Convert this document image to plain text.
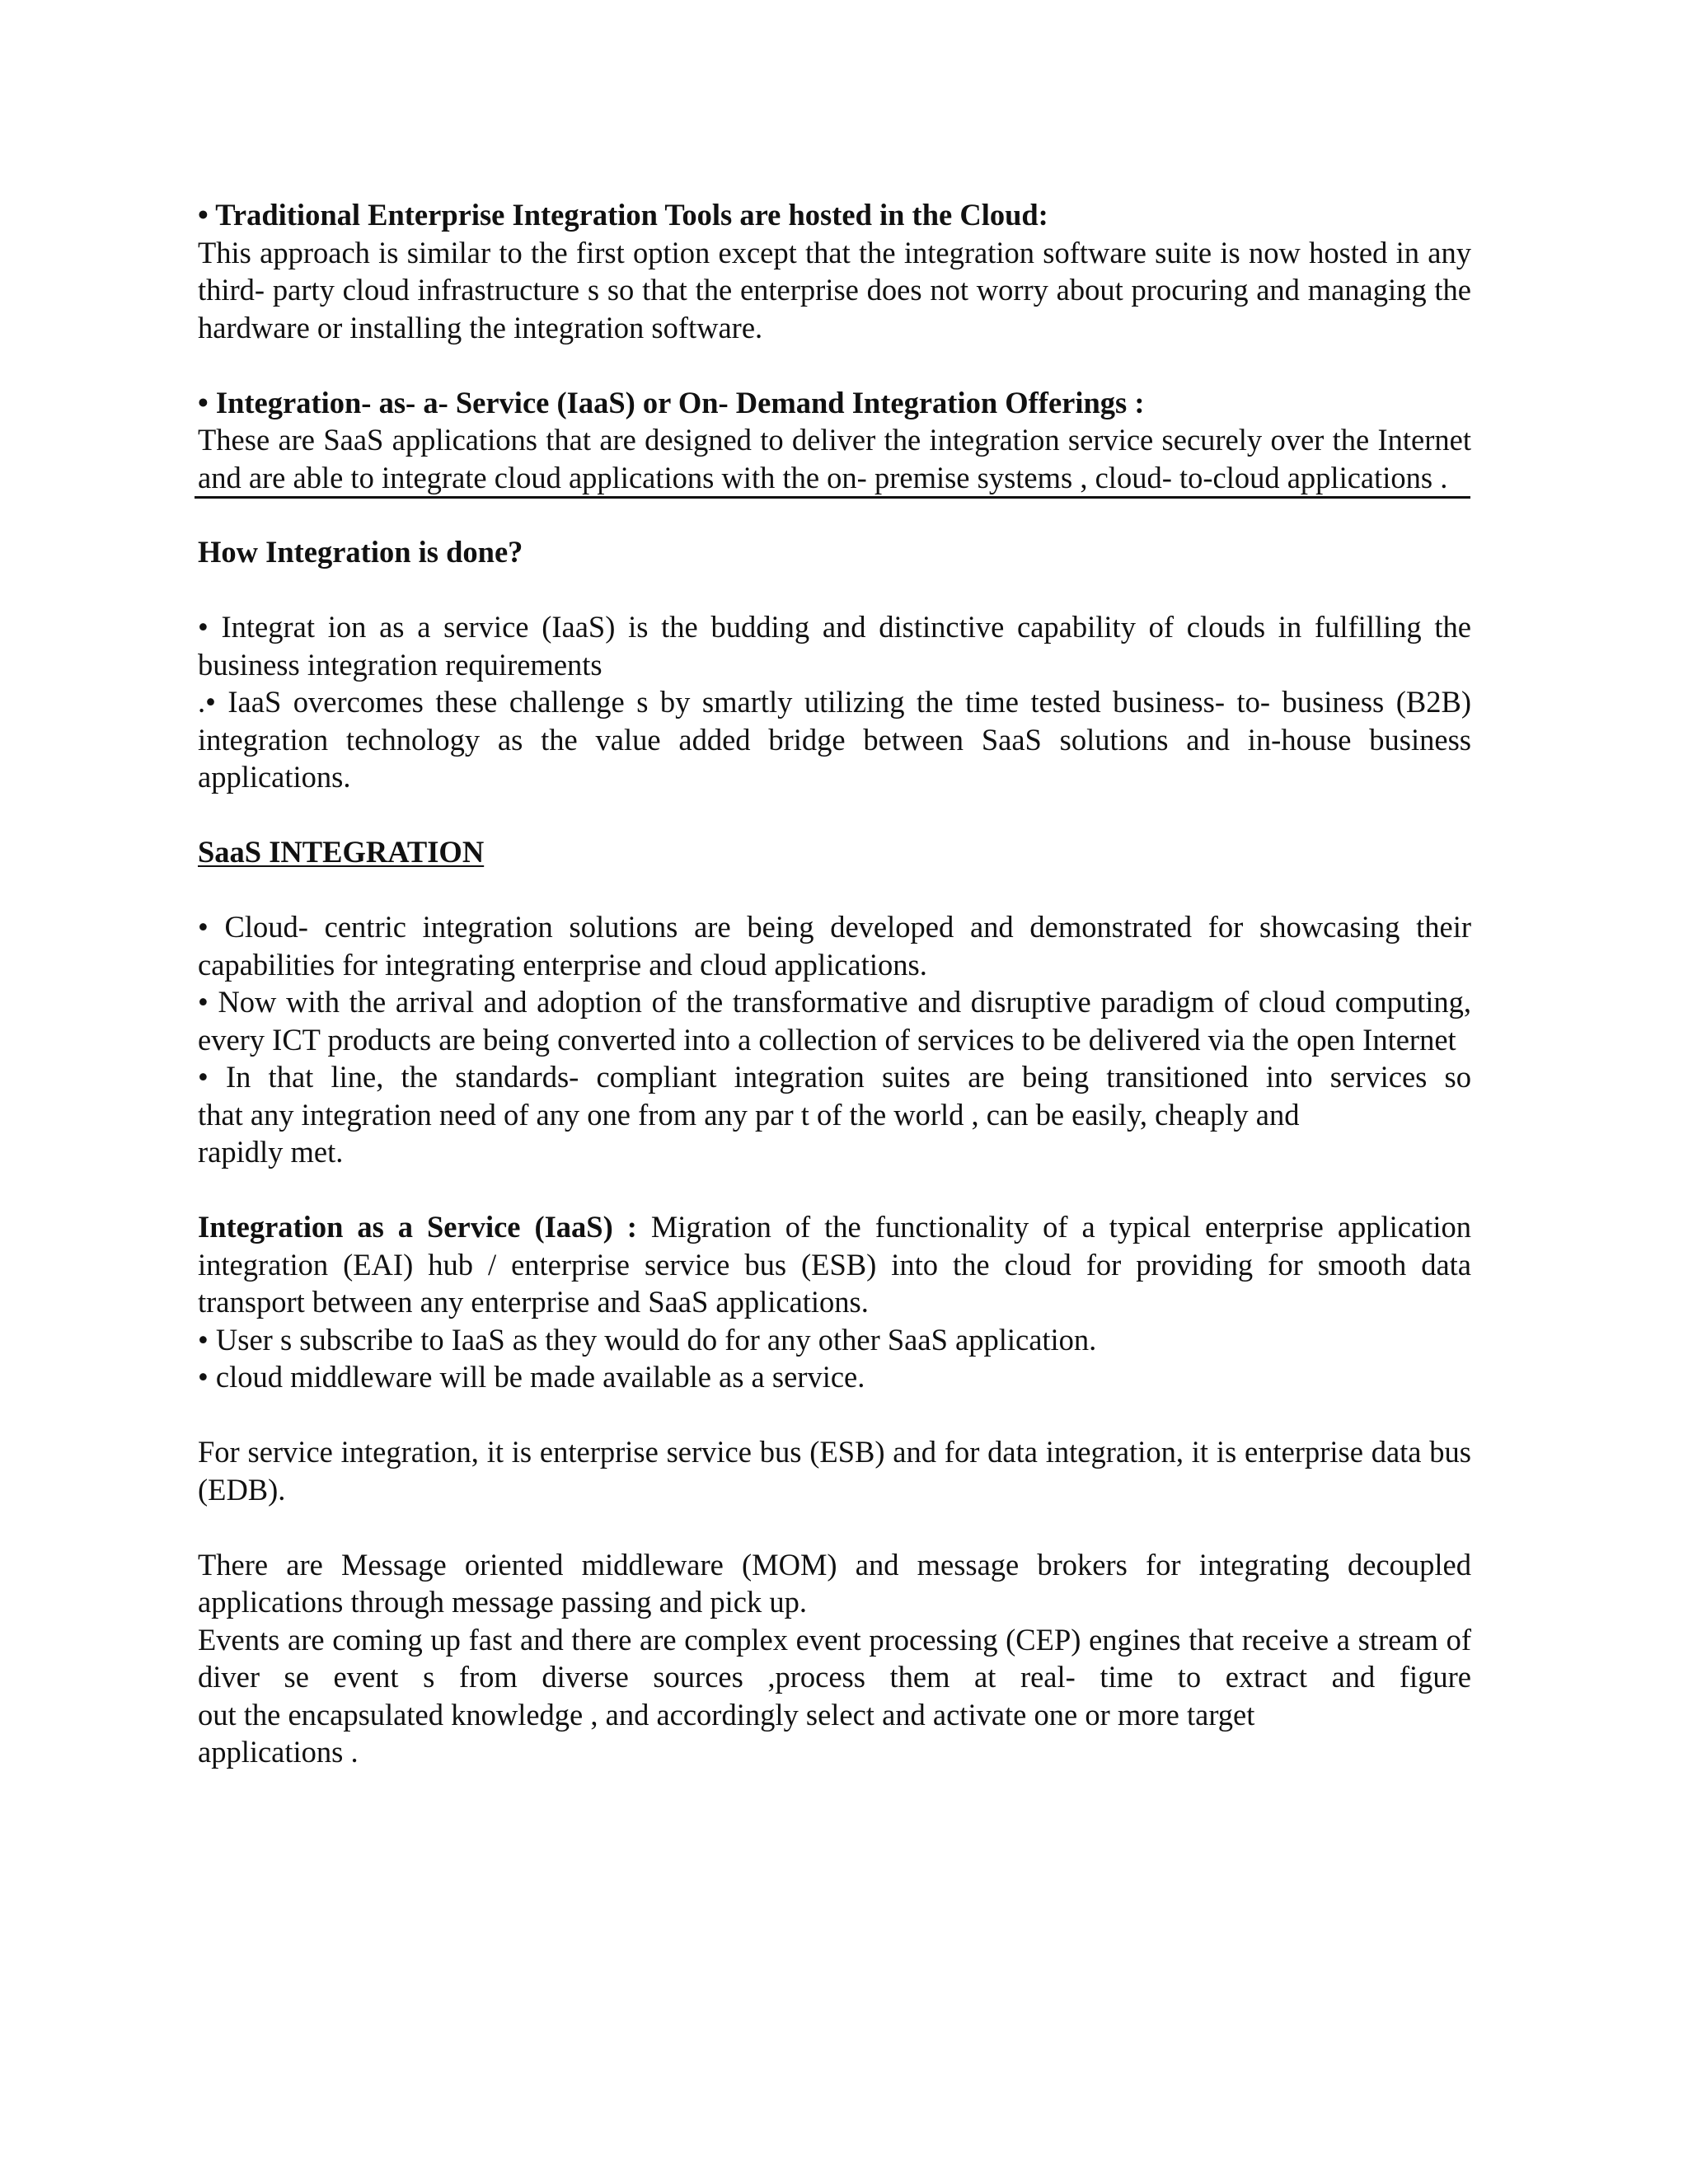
• Traditional Enterprise Integration Tools are hosted in the Cloud:

This approach is similar to the first option except that the integration software suite is now hosted in any third- party cloud infrastructure s so that the enterprise does not worry about procuring and managing the hardware or installing the integration software.

• Integration- as- a- Service (IaaS) or On- Demand Integration Offerings :

These are SaaS applications that are designed to deliver the integration service securely over the Internet and are able to integrate cloud applications with the on- premise systems , cloud- to-cloud applications .

How Integration is done?

• Integrat ion as a service (IaaS) is the budding and distinctive capability of clouds in fulfilling the business integration requirements

.• IaaS overcomes these challenge s by smartly utilizing the time tested business- to- business (B2B) integration technology as the value added bridge between SaaS solutions and in-house business applications.

SaaS INTEGRATION

• Cloud- centric integration solutions are being developed and demonstrated for showcasing their capabilities for integrating enterprise and cloud applications.

• Now with the arrival and adoption of the transformative and disruptive paradigm of cloud computing, every ICT products are being converted into a collection of services to be delivered via the open Internet

• In that line, the standards- compliant integration suites are being transitioned into services so

that any integration need of any one from any par t of the world , can be easily, cheaply and

rapidly met.

Integration as a Service (IaaS) : Migration of the functionality of a typical enterprise application integration (EAI) hub / enterprise service bus (ESB) into the cloud for providing for smooth data transport between any enterprise and SaaS applications.

• User s subscribe to IaaS as they would do for any other SaaS application.

• cloud middleware will be made available as a service.

For service integration, it is enterprise service bus (ESB) and for data integration, it is enterprise data bus (EDB).

There are Message oriented middleware (MOM) and message brokers for integrating decoupled applications through message passing and pick up.

Events are coming up fast and there are complex event processing (CEP) engines that receive a stream of diver se event s from diverse sources ,process them at real- time to extract and figure

out the encapsulated knowledge , and accordingly select and activate one or more target

applications .
